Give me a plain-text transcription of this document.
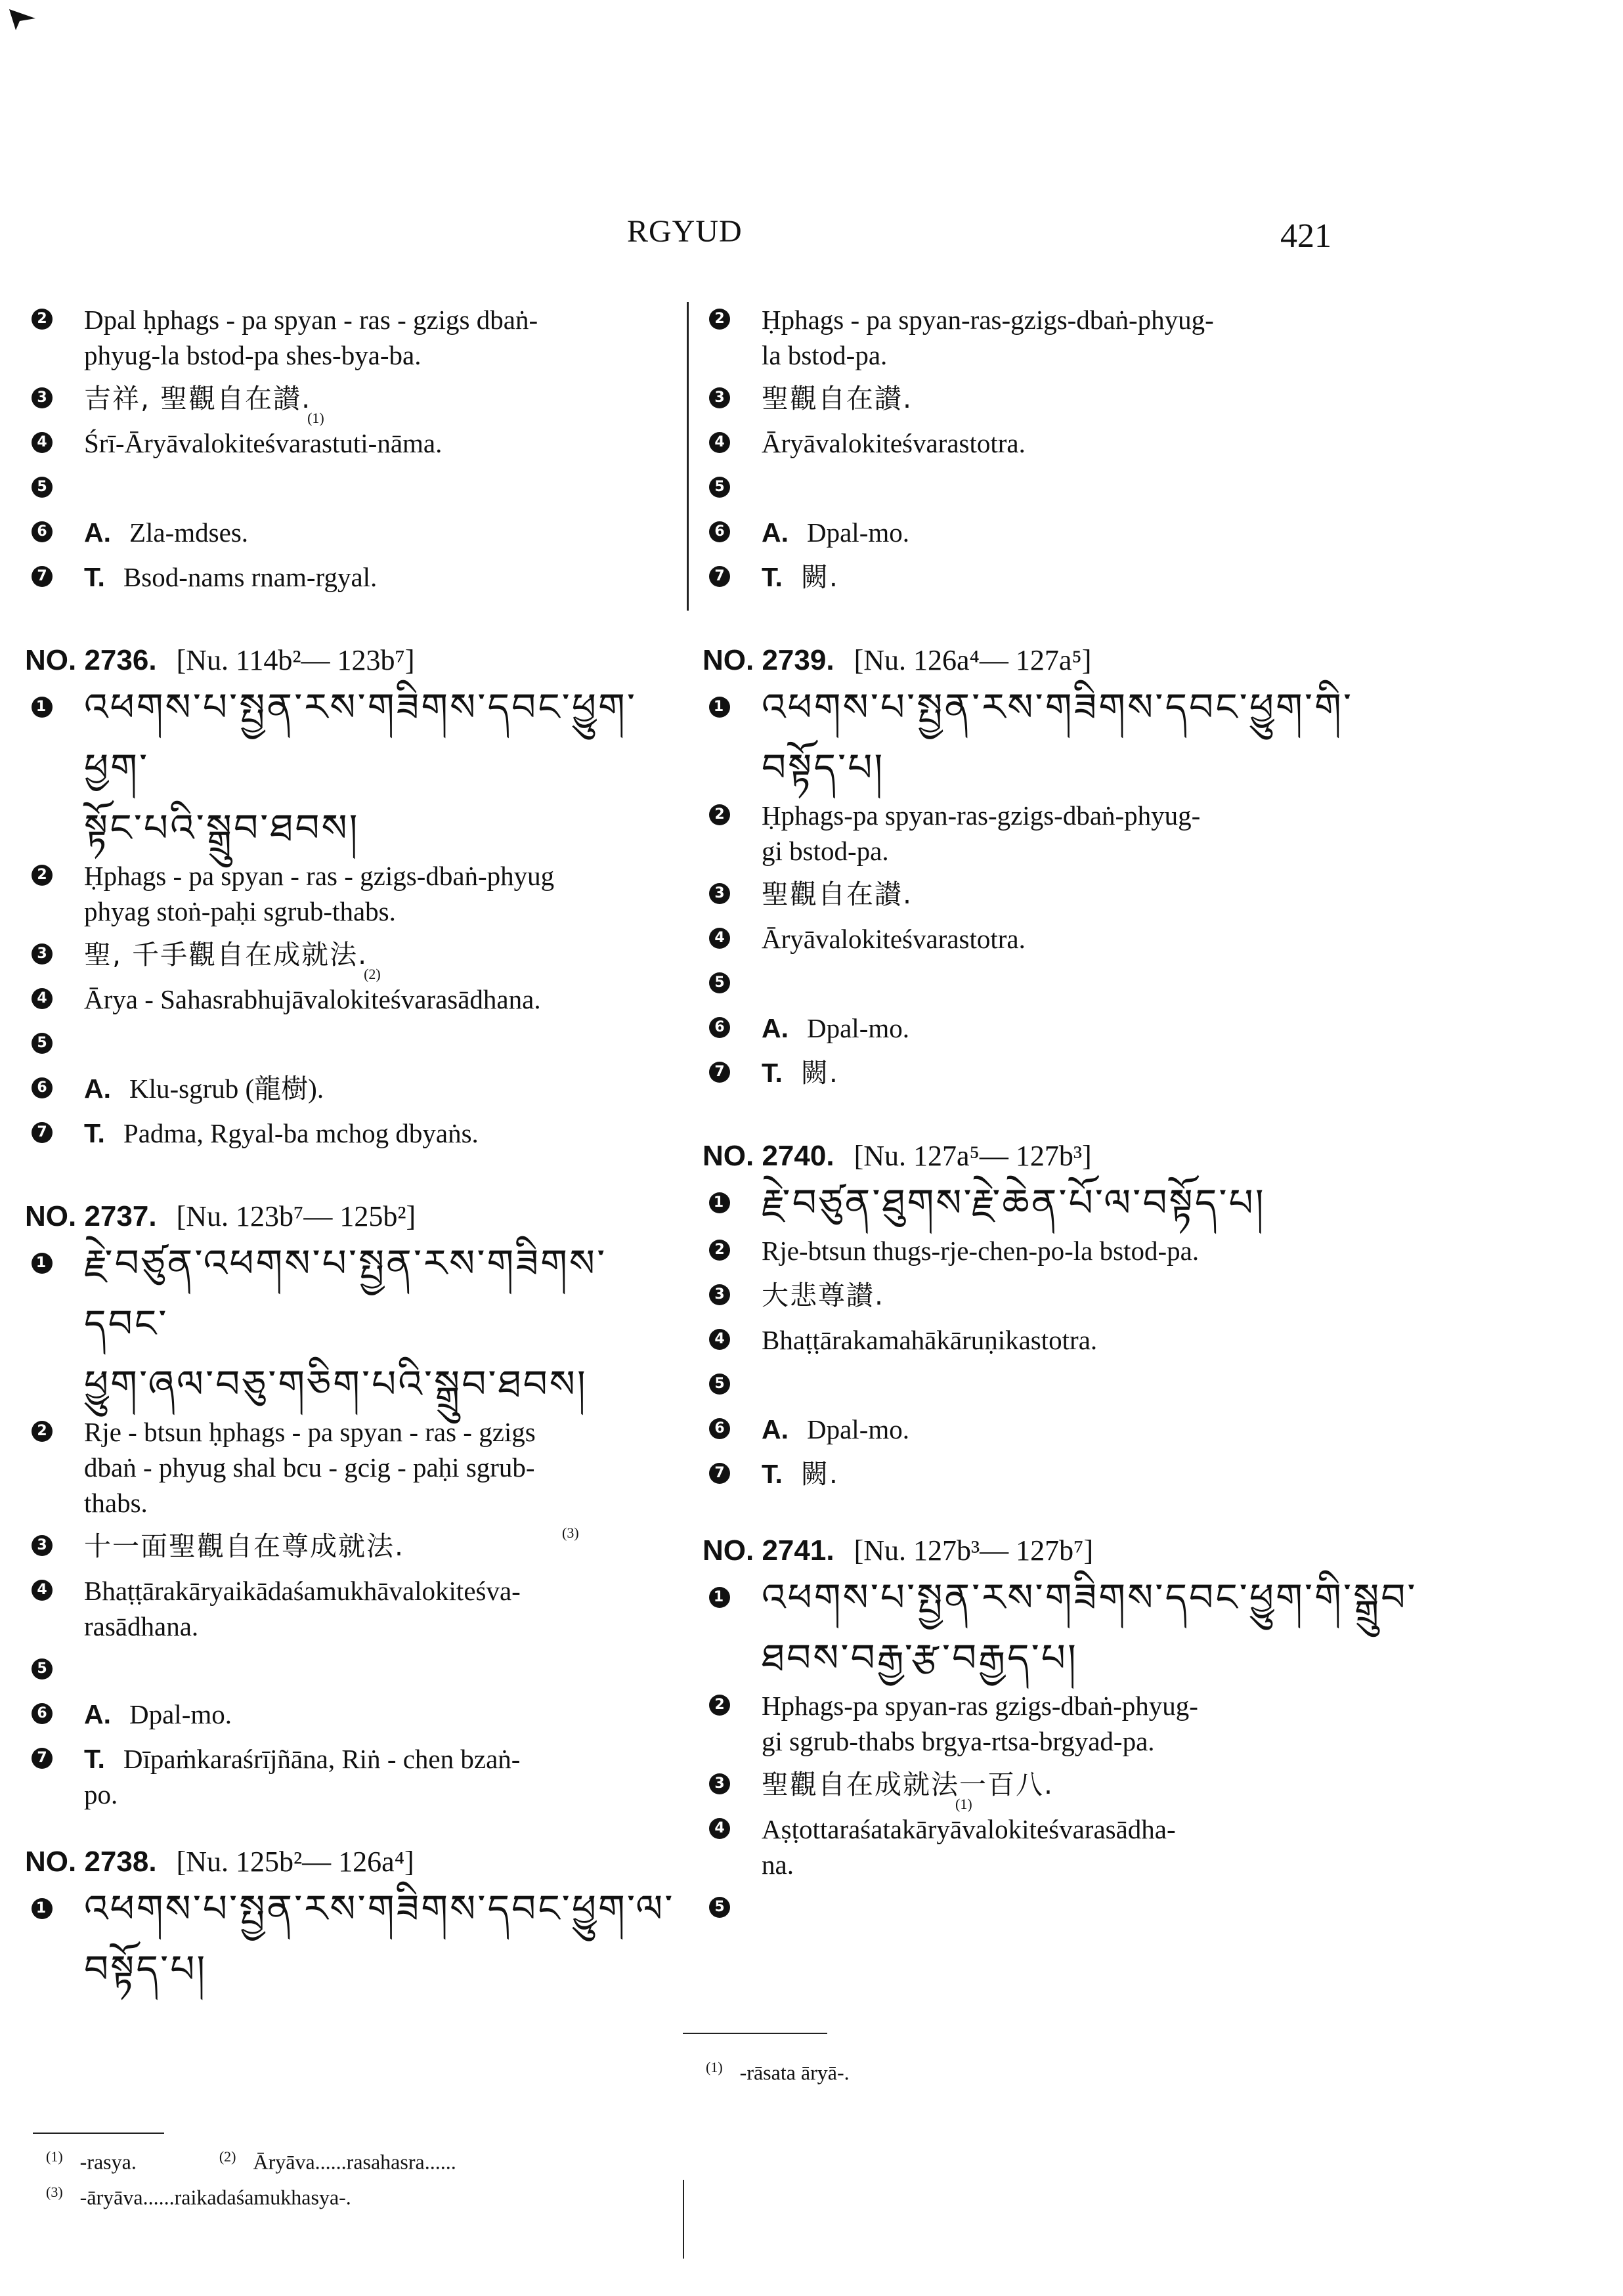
RGYUD	421
2 Dpal ḥphags - pa spyan - ras - gzigs dbaṅ-
phyug-la bstod-pa shes-bya-ba.
3 吉祥, 聖觀自在讃.$^{(1)}$
4 Śrī-Āryāvalokiteśvarastuti-nāma.
5
6 A. Zla-mdses.
7 T. Bsod-nams rnam-rgyal.
NO. 2736. [Nu. 114b²— 123b⁷]
1 འཕགས་པ་སྤྱན་རས་གཟིགས་དབང་ཕྱུག་ཕྱག་
སྟོང་པའི་སྒྲུབ་ཐབས།
2 Ḥphags - pa spyan - ras - gzigs-dbaṅ-phyug
phyag stoṅ-paḥi sgrub-thabs.
3 聖, 千手觀自在成就法.$^{(2)}$
4 Ārya - Sahasrabhujāvalokiteśvarasādhana.
5
6 A. Klu-sgrub (龍樹).
7 T. Padma, Rgyal-ba mchog dbyaṅs.
NO. 2737. [Nu. 123b⁷— 125b²]
1 རྗེ་བཙུན་འཕགས་པ་སྤྱན་རས་གཟིགས་དབང་
ཕྱུག་ཞལ་བཅུ་གཅིག་པའི་སྒྲུབ་ཐབས།
2 Rje - btsun ḥphags - pa spyan - ras - gzigs
dbaṅ - phyug shal bcu - gcig - paḥi sgrub-
thabs.
3 十一面聖觀自在尊成就法.	$^{(3)}$
4 Bhaṭṭārakāryaikādaśamukhāvalokiteśva-
rasādhana.
5
6 A. Dpal-mo.
7 T. Dīpaṁkaraśrījñāna, Riṅ - chen bzaṅ-
po.
NO. 2738. [Nu. 125b²— 126a⁴]
1 འཕགས་པ་སྤྱན་རས་གཟིགས་དབང་ཕྱུག་ལ་
བསྟོད་པ།
$^{(1)}$ -rasya.	$^{(2)}$ Āryāva......rasahasra......
$^{(3)}$ -āryāva......raikadaśamukhasya-.
2 Ḥphags - pa spyan-ras-gzigs-dbaṅ-phyug-
la bstod-pa.
3 聖觀自在讃.
4 Āryāvalokiteśvarastotra.
5
6 A. Dpal-mo.
7 T. 闕.
NO. 2739. [Nu. 126a⁴— 127a⁵]
1 འཕགས་པ་སྤྱན་རས་གཟིགས་དབང་ཕྱུག་གི་
བསྟོད་པ།
2 Ḥphags-pa spyan-ras-gzigs-dbaṅ-phyug-
gi bstod-pa.
3 聖觀自在讃.
4 Āryāvalokiteśvarastotra.
5
6 A. Dpal-mo.
7 T. 闕.
NO. 2740. [Nu. 127a⁵— 127b³]
1 རྗེ་བཙུན་ཐུགས་རྗེ་ཆེན་པོ་ལ་བསྟོད་པ།
2 Rje-btsun thugs-rje-chen-po-la bstod-pa.
3 大悲尊讃.
4 Bhaṭṭārakamahākāruṇikastotra.
5
6 A. Dpal-mo.
7 T. 闕.
NO. 2741. [Nu. 127b³— 127b⁷]
1 འཕགས་པ་སྤྱན་རས་གཟིགས་དབང་ཕྱུག་གི་སྒྲུབ་
ཐབས་བརྒྱ་རྩ་བརྒྱད་པ།
2 Hphags-pa spyan-ras gzigs-dbaṅ-phyug-
gi sgrub-thabs brgya-rtsa-brgyad-pa.
3 聖觀自在成就法一百八.$^{(1)}$
4 Aṣṭottaraśatakāryāvalokiteśvarasādha-
na.
5
$^{(1)}$ -rāsata āryā-.
